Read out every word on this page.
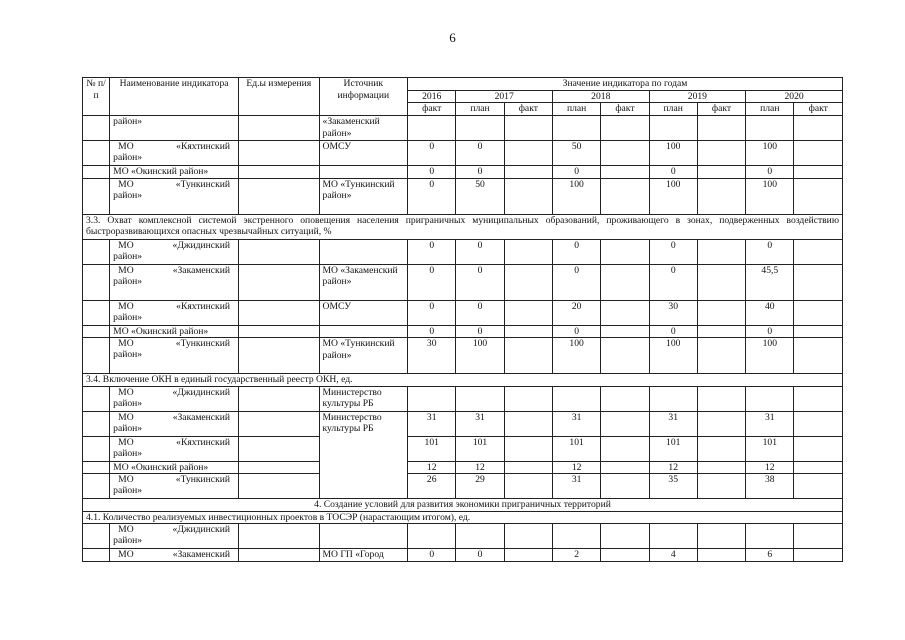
6
№ п/п	Наименование индикатора	Ед.ы измерения	Источник информации	Значение индикатора по годам								
				2016	2017		2018		2019		2020	
				факт	план	факт	план	факт	план	факт	план	факт
	район»		«Закаменский район»									

	МО «Кяхтинский
район»		ОМСУ	0	0		50		100		100	
	МО «Окинский район»			0	0		0		0		0	

	МО «Тункинский
район»		МО «Тункинский район»	0	50		100		100		100	
3.3. Охват комплексной системой экстренного оповещения населения приграничных муниципальных образований, проживающего в зонах, подверженных воздействию быстроразвивающихся опасных чрезвычайных ситуаций, %												

	МО «Джидинский
район»			0	0		0		0		0	

	МО «Закаменский
район»		МО «Закаменский район»	0	0		0		0		45,5	

	МО «Кяхтинский
район»		ОМСУ	0	0		20		30		40	
	МО «Окинский район»			0	0		0		0		0	

	МО «Тункинский
район»		МО «Тункинский район»	30	100		100		100		100	
3.4. Включение ОКН в единый государственный реестр ОКН, ед.												

	МО «Джидинский
район»		Министерство культуры РБ									

	МО «Закаменский
район»		Министерство культуры РБ	31	31		31		31		31	

	МО «Кяхтинский
район»			101	101		101		101		101	
	МО «Окинский район»			12	12		12		12		12	

	МО «Тункинский
район»			26	29		31		35		38	
4. Создание условий для развития экономики приграничных территорий												
4.1. Количество реализуемых инвестиционных проектов в ТОСЭР (нарастающим итогом), ед.												

	МО «Джидинский
район»											

	МО «Закаменский		МО ГП «Город	0	0		2		4		6	
